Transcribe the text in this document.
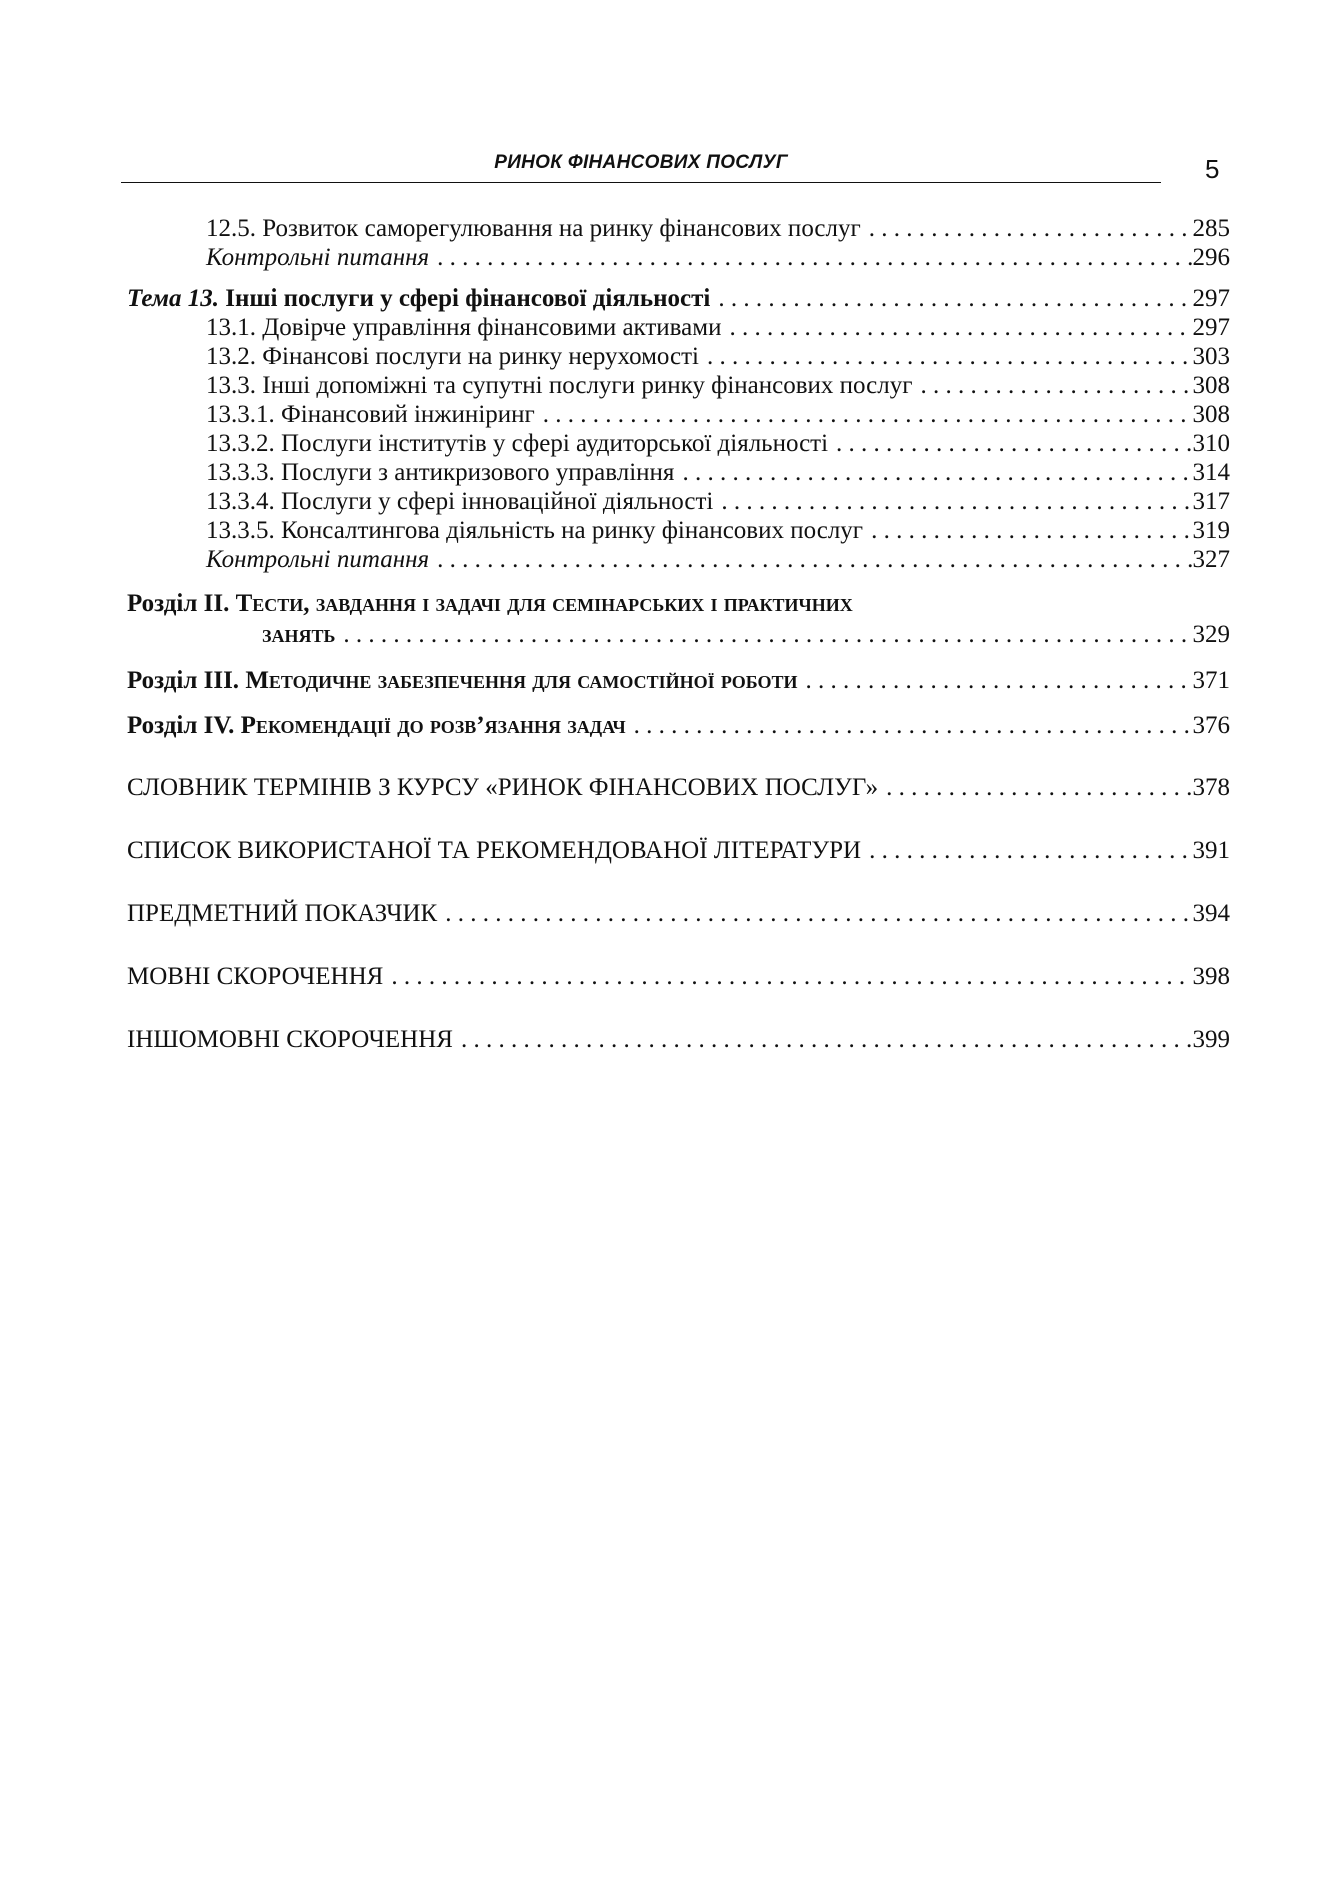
РИНОК ФІНАНСОВИХ ПОСЛУГ	5
12.5. Розвиток саморегулювання на ринку фінансових послуг . . .	285
Контрольні питання . . .	296
Тема 13. Інші послуги у сфері фінансової діяльності . . .	297
13.1. Довірче управління фінансовими активами . . .	297
13.2. Фінансові послуги на ринку нерухомості . . .	303
13.3. Інші допоміжні та супутні послуги ринку фінансових послуг . . .	308
13.3.1. Фінансовий інжиніринг . . .	308
13.3.2. Послуги інститутів у сфері аудиторської діяльності . . .	310
13.3.3. Послуги з антикризового управління . . .	314
13.3.4. Послуги у сфері інноваційної діяльності . . .	317
13.3.5. Консалтингова діяльність на ринку фінансових послуг . . .	319
Контрольні питання . . .	327
Розділ ІІ. Тести, завдання і задачі для семінарських і практичних
занять . . .	329
Розділ ІІІ. Методичне забезпечення для самостійної роботи . . .	371
Розділ IV. Рекомендації до розв’язання задач . . .	376
СЛОВНИК ТЕРМІНІВ З КУРСУ «РИНОК ФІНАНСОВИХ ПОСЛУГ» . . .	378
СПИСОК ВИКОРИСТАНОЇ ТА РЕКОМЕНДОВАНОЇ ЛІТЕРАТУРИ . . .	391
ПРЕДМЕТНИЙ ПОКАЗЧИК . . .	394
МОВНІ СКОРОЧЕННЯ . . .	398
ІНШОМОВНІ СКОРОЧЕННЯ . . .	399
